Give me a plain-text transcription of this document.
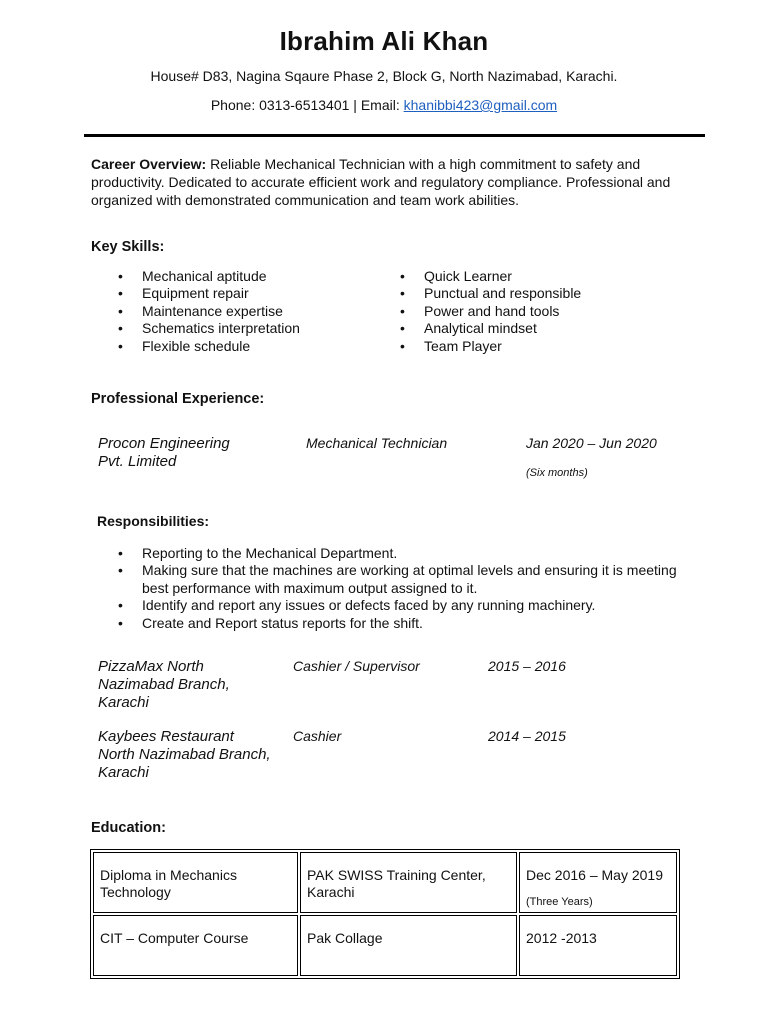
Ibrahim Ali Khan
House# D83, Nagina Sqaure Phase 2, Block G, North Nazimabad, Karachi.
Phone: 0313-6513401 | Email: khanibbi423@gmail.com
Career Overview: Reliable Mechanical Technician with a high commitment to safety and productivity. Dedicated to accurate efficient work and regulatory compliance. Professional and organized with demonstrated communication and team work abilities.
Key Skills:
• Mechanical aptitude
• Equipment repair
• Maintenance expertise
• Schematics interpretation
• Flexible schedule
• Quick Learner
• Punctual and responsible
• Power and hand tools
• Analytical mindset
• Team Player
Professional Experience:
Procon Engineering
Pvt. Limited
Mechanical Technician	Jan 2020 – Jun 2020
(Six months)
Responsibilities:
• Reporting to the Mechanical Department.
• Making sure that the machines are working at optimal levels and ensuring it is meeting best performance with maximum output assigned to it.
• Identify and report any issues or defects faced by any running machinery.
• Create and Report status reports for the shift.
PizzaMax North
Nazimabad Branch,
Karachi
Cashier / Supervisor	2015 – 2016
Kaybees Restaurant
North Nazimabad Branch,
Karachi
Cashier	2014 – 2015
Education:
Diploma in Mechanics Technology	PAK SWISS Training Center, Karachi	Dec 2016 – May 2019
(Three Years)

CIT – Computer Course	Pak Collage	2012 -2013
